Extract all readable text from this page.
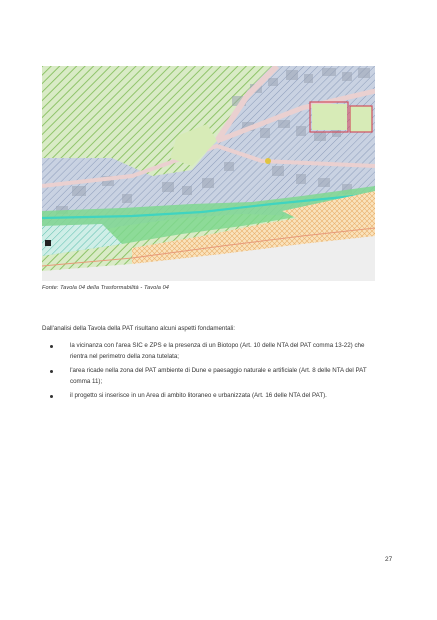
Fonte: Tavola 04 della Trasformabilità - Tavola 04
Dall'analisi della Tavola della PAT risultano alcuni aspetti fondamentali:
la vicinanza con l'area SIC e ZPS e la presenza di un Biotopo (Art. 10 delle NTA del PAT comma 13-22) che rientra nel perimetro della zona tutelata;
l'area ricade nella zona del PAT ambiente di Dune e paesaggio naturale e artificiale (Art. 8 delle NTA del PAT comma 11);
il progetto si inserisce in un Area di ambito litoraneo e urbanizzata (Art. 16 delle NTA del PAT).
27
